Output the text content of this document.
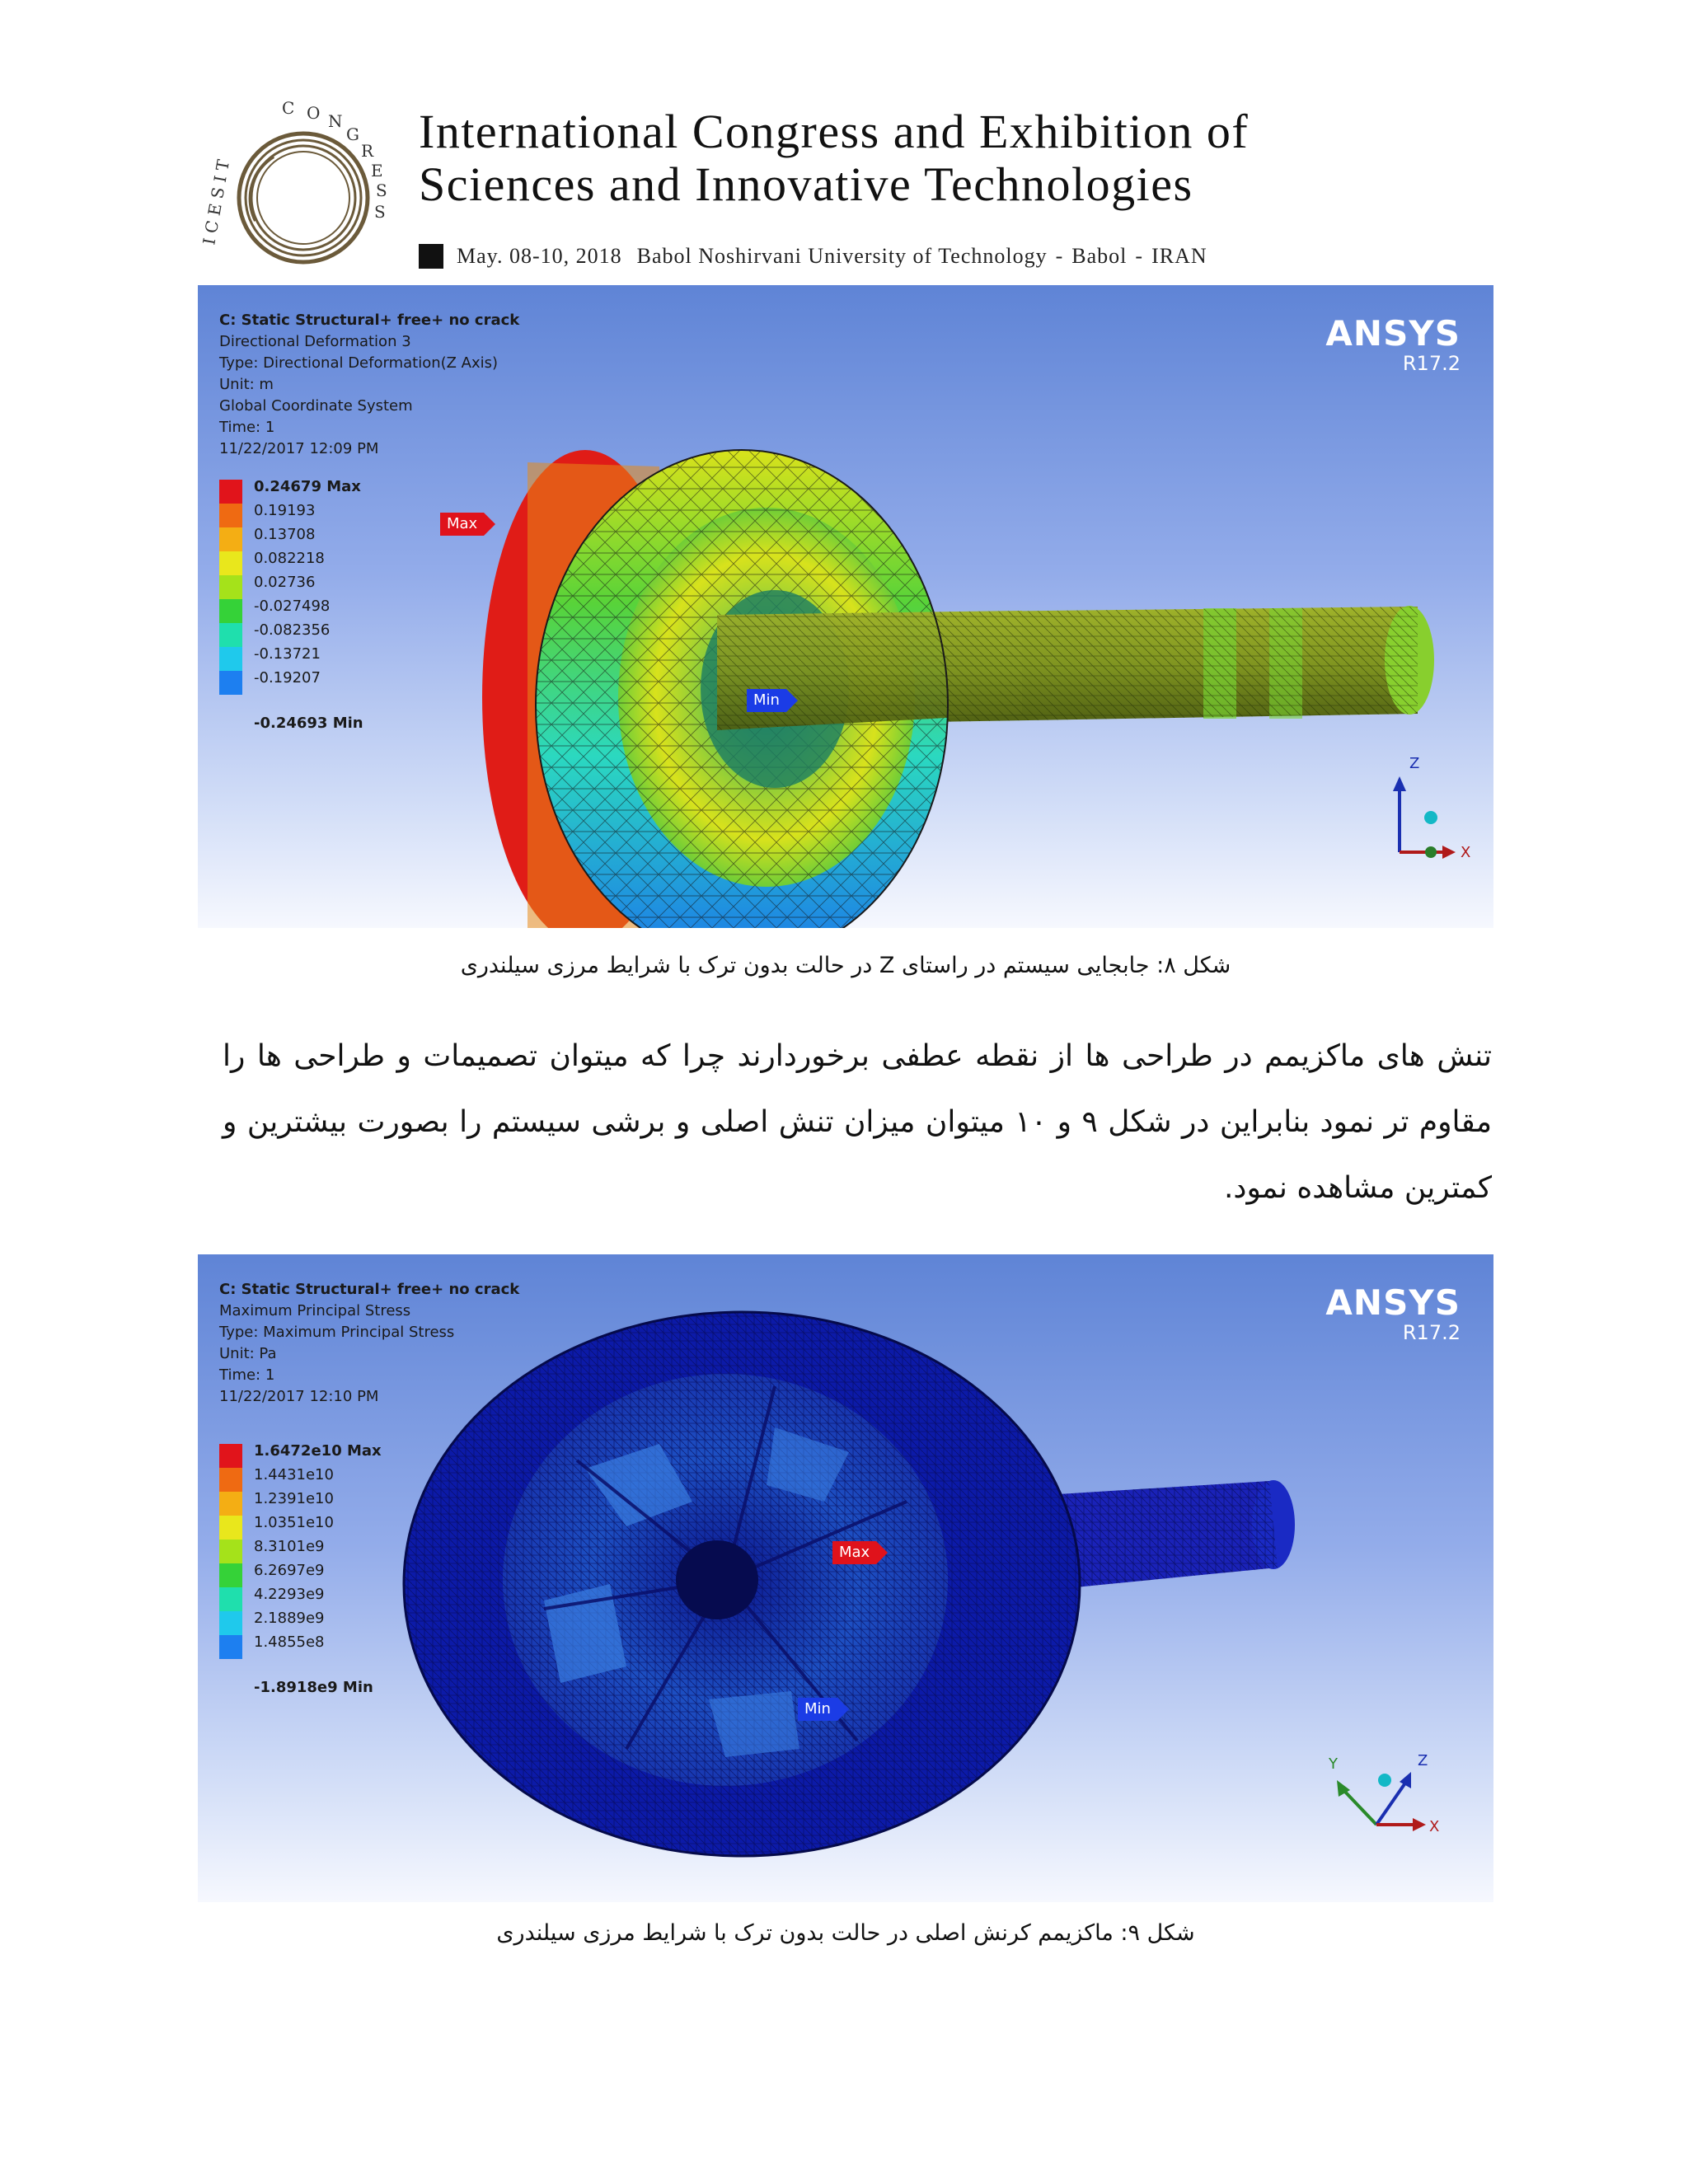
I C E S I T
C O N
G
R
E
S
S
International Congress and Exhibition of
Sciences and Innovative Technologies
May. 08-10, 2018 Babol Noshirvani University of Technology - Babol - IRAN
C: Static Structural+ free+ no crack
Directional Deformation 3
Type: Directional Deformation(Z Axis)
Unit: m
Global Coordinate System
Time: 1
11/22/2017 12:09 PM
0.24679 Max
0.19193
0.13708
0.082218
0.02736
-0.027498
-0.082356
-0.13721
-0.19207
-0.24693 Min
ANSYS
R17.2
Max
Min
Z
X
شکل ۸: جابجایی سیستم در راستای Z در حالت بدون ترک با شرایط مرزی سیلندری
تنش های ماکزیمم در طراحی ها از نقطه عطفی برخوردارند چرا که میتوان تصمیمات و طراحی ها را مقاوم تر نمود بنابراین در شکل ۹ و ۱۰ میتوان میزان تنش اصلی و برشی سیستم را بصورت بیشترین و کمترین مشاهده نمود.
C: Static Structural+ free+ no crack
Maximum Principal Stress
Type: Maximum Principal Stress
Unit: Pa
Time: 1
11/22/2017 12:10 PM
1.6472e10 Max
1.4431e10
1.2391e10
1.0351e10
8.3101e9
6.2697e9
4.2293e9
2.1889e9
1.4855e8
-1.8918e9 Min
ANSYS
R17.2
Max
Min
Y	Z
X
شکل ۹: ماکزیمم کرنش اصلی در حالت بدون ترک با شرایط مرزی سیلندری
